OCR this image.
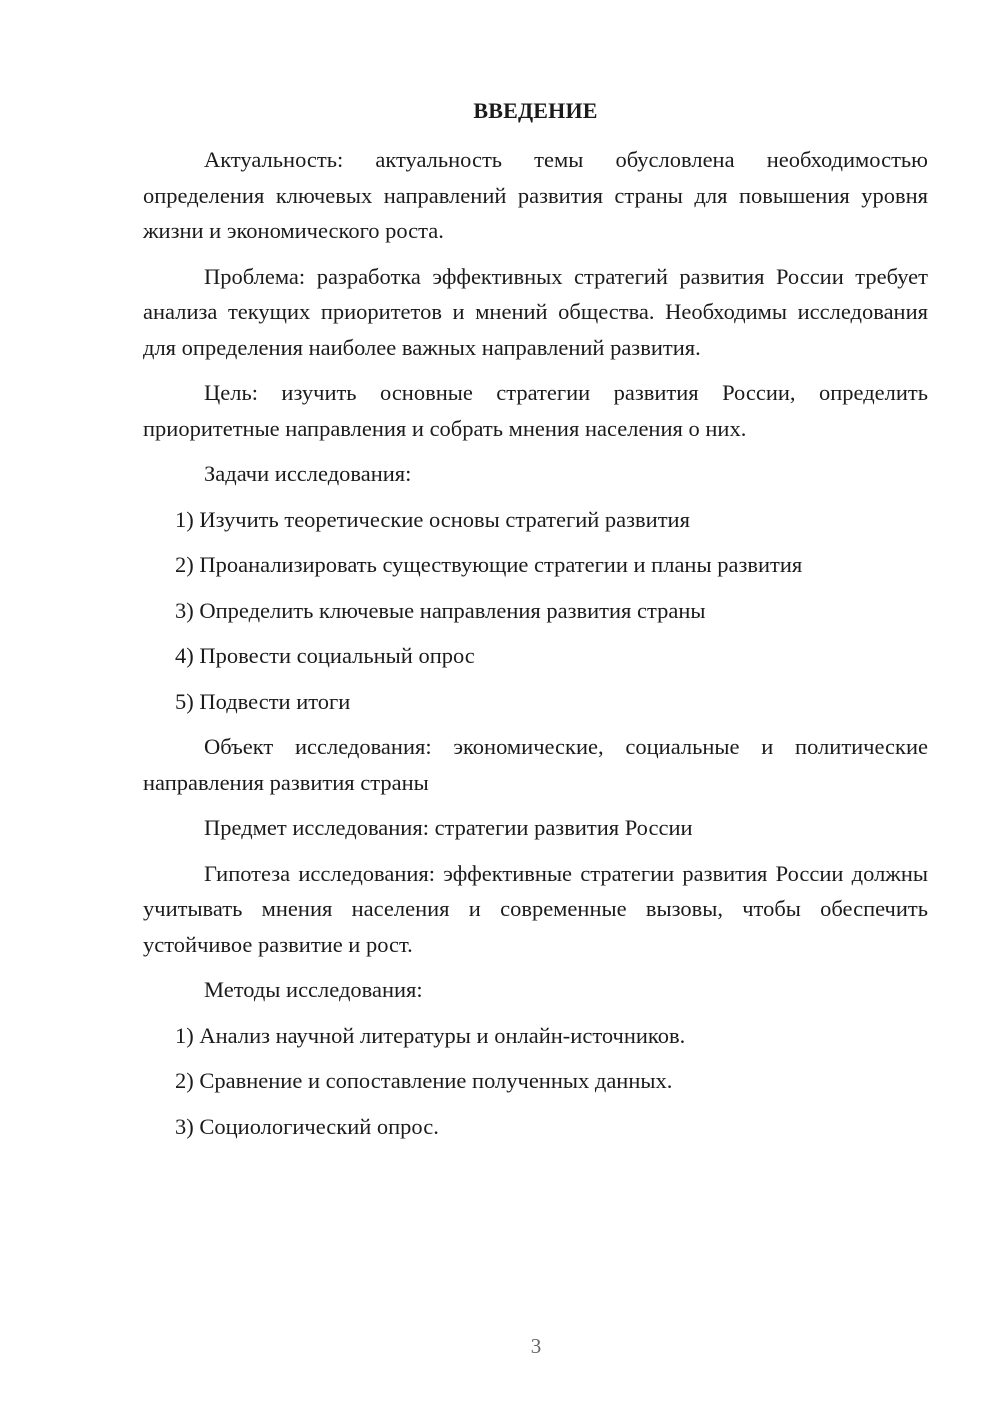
ВВЕДЕНИЕ

Актуальность: актуальность темы обусловлена необходимостью определения ключевых направлений развития страны для повышения уровня жизни и экономического роста.

Проблема: разработка эффективных стратегий развития России требует анализа текущих приоритетов и мнений общества. Необходимы исследования для определения наиболее важных направлений развития.

Цель: изучить основные стратегии развития России, определить приоритетные направления и собрать мнения населения о них.

Задачи исследования:

1) Изучить теоретические основы стратегий развития

2) Проанализировать существующие стратегии и планы развития

3) Определить ключевые направления развития страны

4) Провести социальный опрос

5) Подвести итоги

Объект исследования: экономические, социальные и политические направления развития страны

Предмет исследования: стратегии развития России

Гипотеза исследования: эффективные стратегии развития России должны учитывать мнения населения и современные вызовы, чтобы обеспечить устойчивое развитие и рост.

Методы исследования:

1) Анализ научной литературы и онлайн-источников.

2) Сравнение и сопоставление полученных данных.

3) Социологический опрос.

3
